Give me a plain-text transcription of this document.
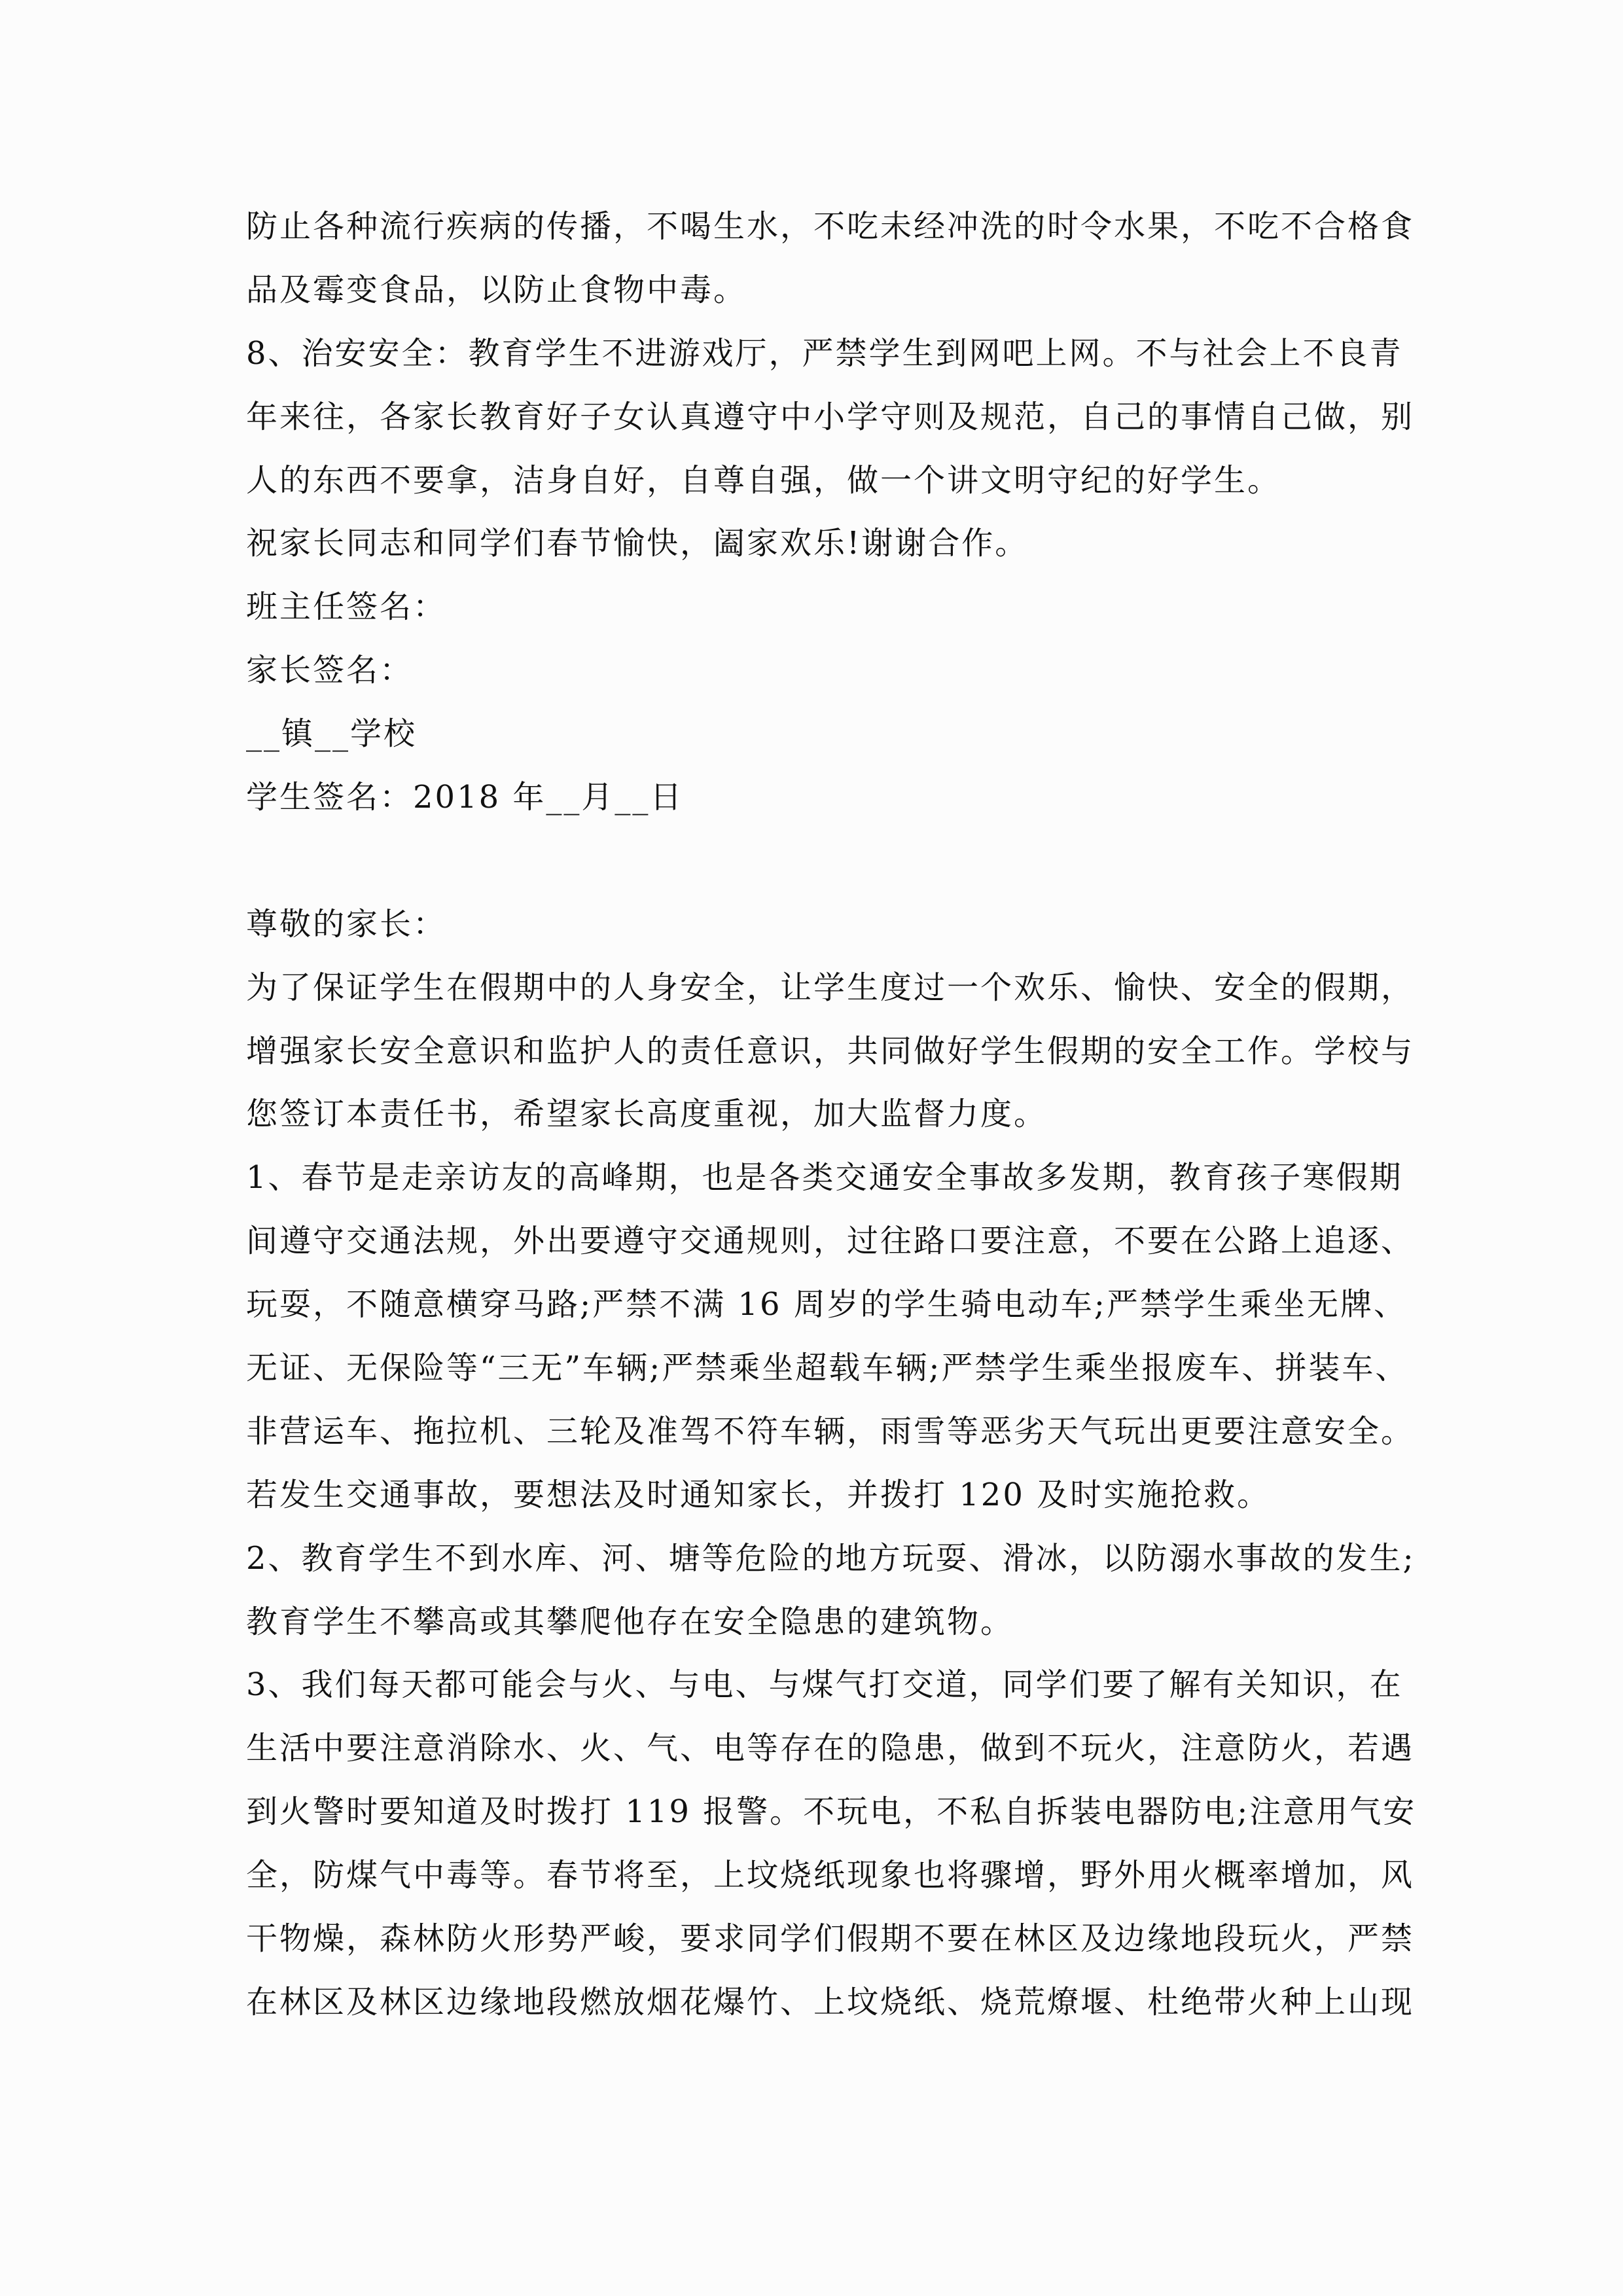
防止各种流行疾病的传播，不喝生水，不吃未经冲洗的时令水果，不吃不合格食
品及霉变食品，以防止食物中毒。
8、治安安全：教育学生不进游戏厅，严禁学生到网吧上网。不与社会上不良青
年来往，各家长教育好子女认真遵守中小学守则及规范，自己的事情自己做，别
人的东西不要拿，洁身自好，自尊自强，做一个讲文明守纪的好学生。
祝家长同志和同学们春节愉快，阖家欢乐!谢谢合作。
班主任签名：
家长签名：
__镇__学校
学生签名：2018 年__月__日
尊敬的家长：
为了保证学生在假期中的人身安全，让学生度过一个欢乐、愉快、安全的假期，
增强家长安全意识和监护人的责任意识，共同做好学生假期的安全工作。学校与
您签订本责任书，希望家长高度重视，加大监督力度。
1、春节是走亲访友的高峰期，也是各类交通安全事故多发期，教育孩子寒假期
间遵守交通法规，外出要遵守交通规则，过往路口要注意，不要在公路上追逐、
玩耍，不随意横穿马路;严禁不满 16 周岁的学生骑电动车;严禁学生乘坐无牌、
无证、无保险等“三无”车辆;严禁乘坐超载车辆;严禁学生乘坐报废车、拼装车、
非营运车、拖拉机、三轮及准驾不符车辆，雨雪等恶劣天气玩出更要注意安全。
若发生交通事故，要想法及时通知家长，并拨打 120 及时实施抢救。
2、教育学生不到水库、河、塘等危险的地方玩耍、滑冰，以防溺水事故的发生;
教育学生不攀高或其攀爬他存在安全隐患的建筑物。
3、我们每天都可能会与火、与电、与煤气打交道，同学们要了解有关知识，在
生活中要注意消除水、火、气、电等存在的隐患，做到不玩火，注意防火，若遇
到火警时要知道及时拨打 119 报警。不玩电，不私自拆装电器防电;注意用气安
全，防煤气中毒等。春节将至，上坟烧纸现象也将骤增，野外用火概率增加，风
干物燥，森林防火形势严峻，要求同学们假期不要在林区及边缘地段玩火，严禁
在林区及林区边缘地段燃放烟花爆竹、上坟烧纸、烧荒燎堰、杜绝带火种上山现
